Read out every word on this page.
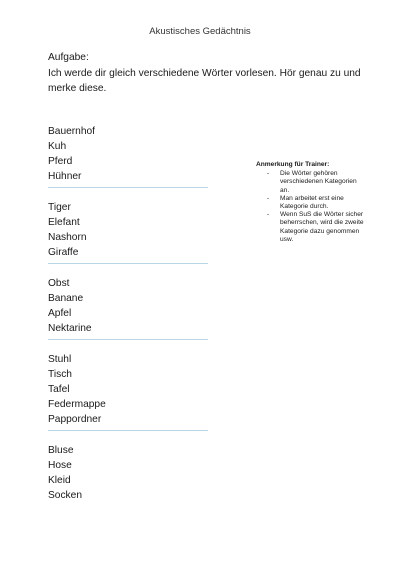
Akustisches Gedächtnis
Aufgabe:
Ich werde dir gleich verschiedene Wörter vorlesen. Hör genau zu und merke diese.
Bauernhof
Kuh
Pferd
Hühner
Tiger
Elefant
Nashorn
Giraffe
Obst
Banane
Apfel
Nektarine
Stuhl
Tisch
Tafel
Federmappe
Pappordner
Bluse
Hose
Kleid
Socken
Anmerkung für Trainer:
- Die Wörter gehören verschiedenen Kategorien an.
- Man arbeitet erst eine Kategorie durch.
- Wenn SuS die Wörter sicher beherrschen, wird die zweite Kategorie dazu genommen usw.
